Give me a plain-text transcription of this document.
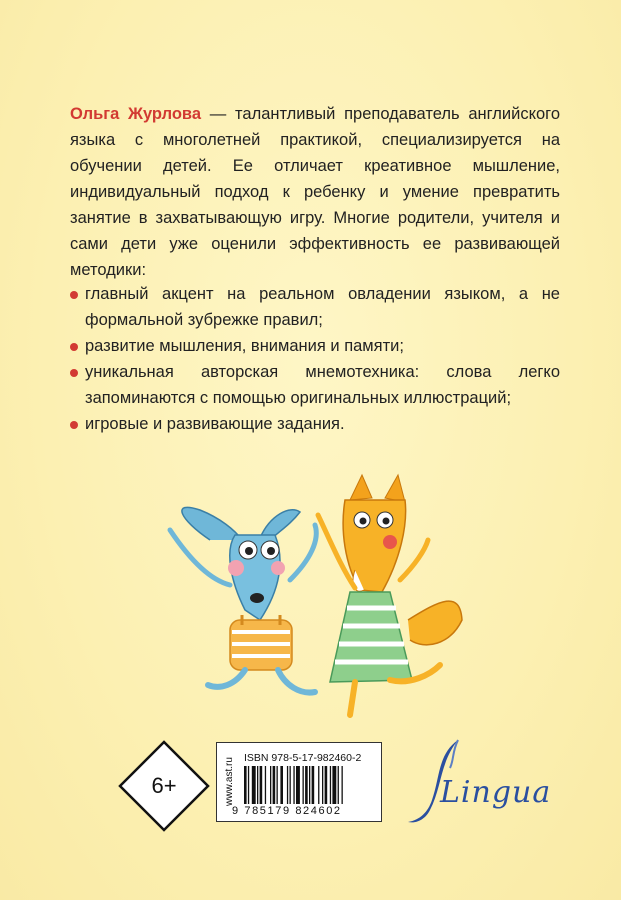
Ольга Журлова — талантливый преподаватель английского языка с многолетней практикой, специализируется на обучении детей. Ее отличает креативное мышление, индивидуальный подход к ребенку и умение превратить занятие в захватывающую игру. Многие родители, учителя и сами дети уже оценили эффективность ее развивающей методики:

главный акцент на реальном овладении языком, а не формальной зубрежке правил;
развитие мышления, внимания и памяти;
уникальная авторская мнемотехника: слова легко запоминаются с помощью оригинальных иллюстраций;
игровые и развивающие задания.
6+	www.ast.ru ISBN 978-5-17-982460-2
9 785179 824602
Lingua
